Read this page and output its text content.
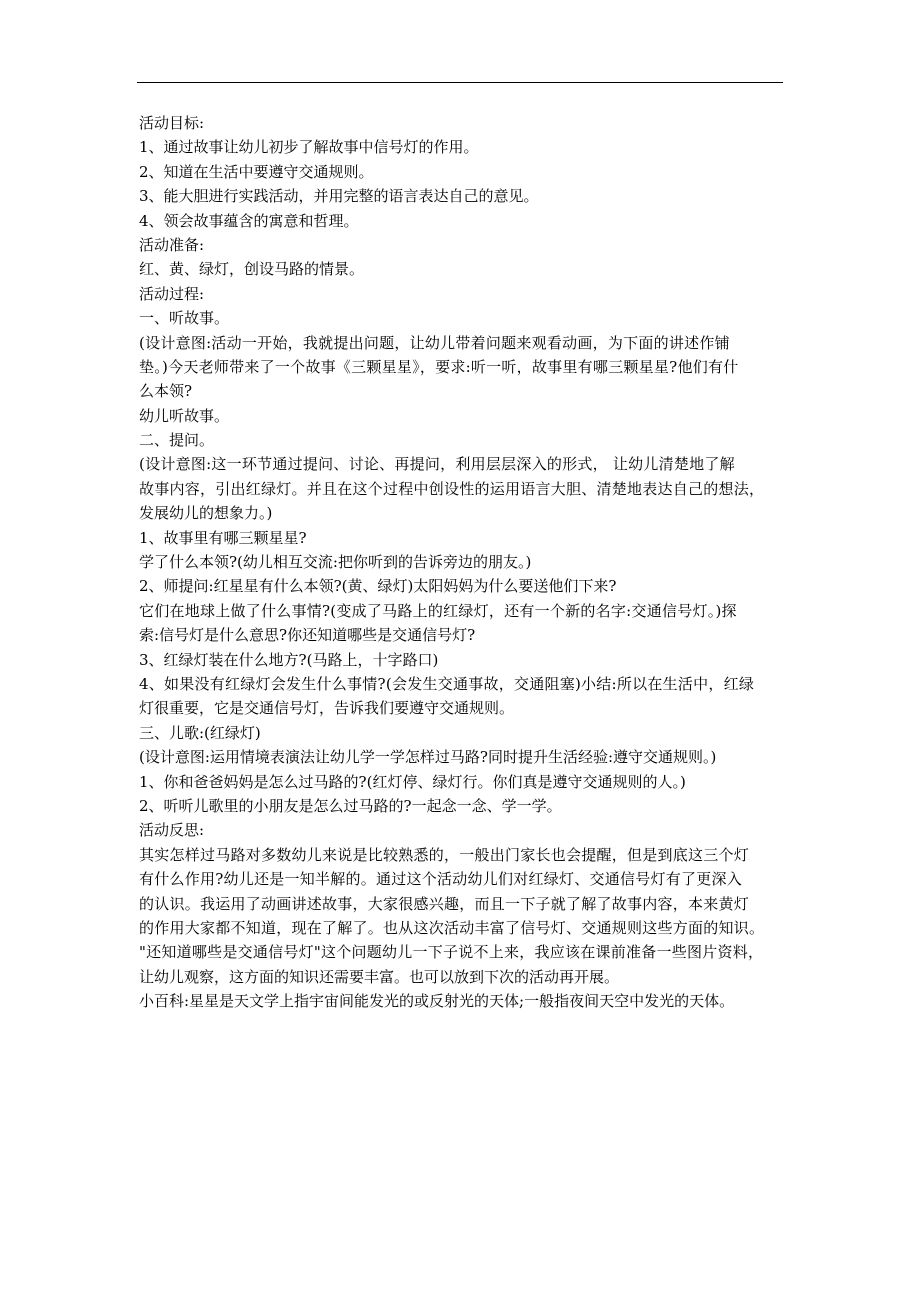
活动目标:
1、通过故事让幼儿初步了解故事中信号灯的作用。
2、知道在生活中要遵守交通规则。
3、能大胆进行实践活动，并用完整的语言表达自己的意见。
4、领会故事蕴含的寓意和哲理。
活动准备:
红、黄、绿灯，创设马路的情景。
活动过程:
一、听故事。
(设计意图:活动一开始，我就提出问题，让幼儿带着问题来观看动画，为下面的讲述作铺
垫。)今天老师带来了一个故事《三颗星星》，要求:听一听，故事里有哪三颗星星?他们有什
么本领?
幼儿听故事。
二、提问。
(设计意图:这一环节通过提问、讨论、再提问，利用层层深入的形式， 让幼儿清楚地了解
故事内容，引出红绿灯。并且在这个过程中创设性的运用语言大胆、清楚地表达自己的想法，
发展幼儿的想象力。)
1、故事里有哪三颗星星?
学了什么本领?(幼儿相互交流:把你听到的告诉旁边的朋友。)
2、师提问:红星星有什么本领?(黄、绿灯)太阳妈妈为什么要送他们下来?
它们在地球上做了什么事情?(变成了马路上的红绿灯，还有一个新的名字:交通信号灯。)探
索:信号灯是什么意思?你还知道哪些是交通信号灯?
3、红绿灯装在什么地方?(马路上，十字路口)
4、如果没有红绿灯会发生什么事情?(会发生交通事故，交通阻塞)小结:所以在生活中，红绿
灯很重要，它是交通信号灯，告诉我们要遵守交通规则。
三、儿歌:(红绿灯)
(设计意图:运用情境表演法让幼儿学一学怎样过马路?同时提升生活经验:遵守交通规则。)
1、你和爸爸妈妈是怎么过马路的?(红灯停、绿灯行。你们真是遵守交通规则的人。)
2、听听儿歌里的小朋友是怎么过马路的?一起念一念、学一学。
活动反思:
其实怎样过马路对多数幼儿来说是比较熟悉的，一般出门家长也会提醒，但是到底这三个灯
有什么作用?幼儿还是一知半解的。通过这个活动幼儿们对红绿灯、交通信号灯有了更深入
的认识。我运用了动画讲述故事，大家很感兴趣，而且一下子就了解了故事内容，本来黄灯
的作用大家都不知道，现在了解了。也从这次活动丰富了信号灯、交通规则这些方面的知识。
"还知道哪些是交通信号灯"这个问题幼儿一下子说不上来，我应该在课前准备一些图片资料，
让幼儿观察，这方面的知识还需要丰富。也可以放到下次的活动再开展。
小百科:星星是天文学上指宇宙间能发光的或反射光的天体;一般指夜间天空中发光的天体。
